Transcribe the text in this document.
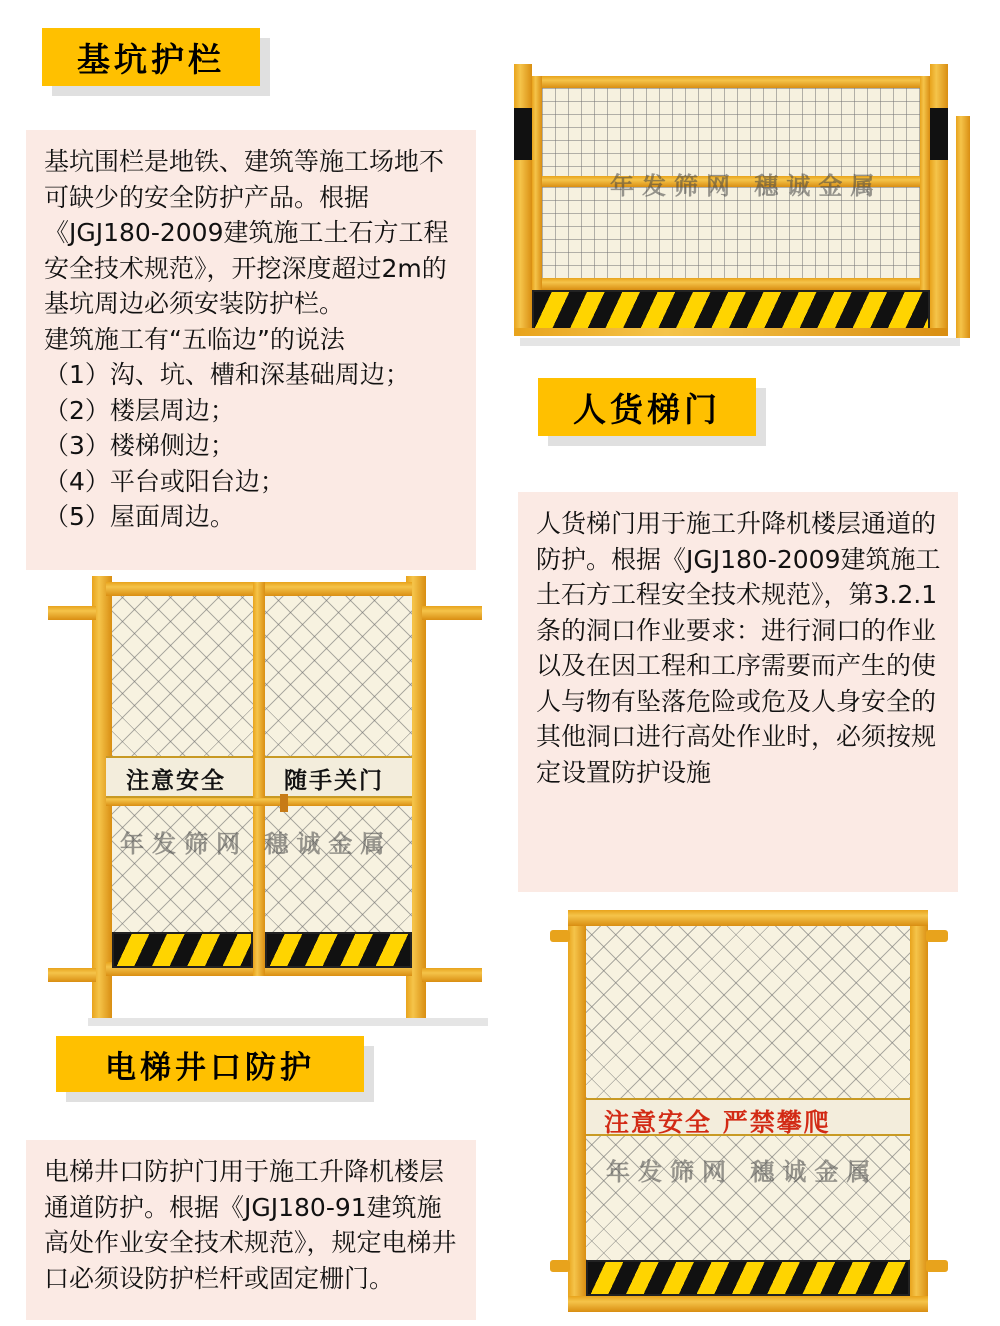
基坑护栏

基坑围栏是地铁、建筑等施工场地不可缺少的安全防护产品。根据《JGJ180-2009建筑施工土石方工程安全技术规范》，开挖深度超过2m的基坑周边必须安装防护栏。

建筑施工有“五临边”的说法

（1）沟、坑、槽和深基础周边；

（2）楼层周边；

（3）楼梯侧边；

（4）平台或阳台边；

（5）屋面周边。

年发筛网 穗诚金属
人货梯门

人货梯门用于施工升降机楼层通道的防护。根据《JGJ180-2009建筑施工土石方工程安全技术规范》，第3.2.1条的洞口作业要求：进行洞口的作业以及在因工程和工序需要而产生的使人与物有坠落危险或危及人身安全的其他洞口进行高处作业时，必须按规定设置防护设施

注意安全	随手关门
年发筛网 穗诚金属
电梯井口防护

电梯井口防护门用于施工升降机楼层通道防护。根据《JGJ180-91建筑施高处作业安全技术规范》，规定电梯井口必须设防护栏杆或固定栅门。

注意安全 严禁攀爬
年发筛网 穗诚金属
